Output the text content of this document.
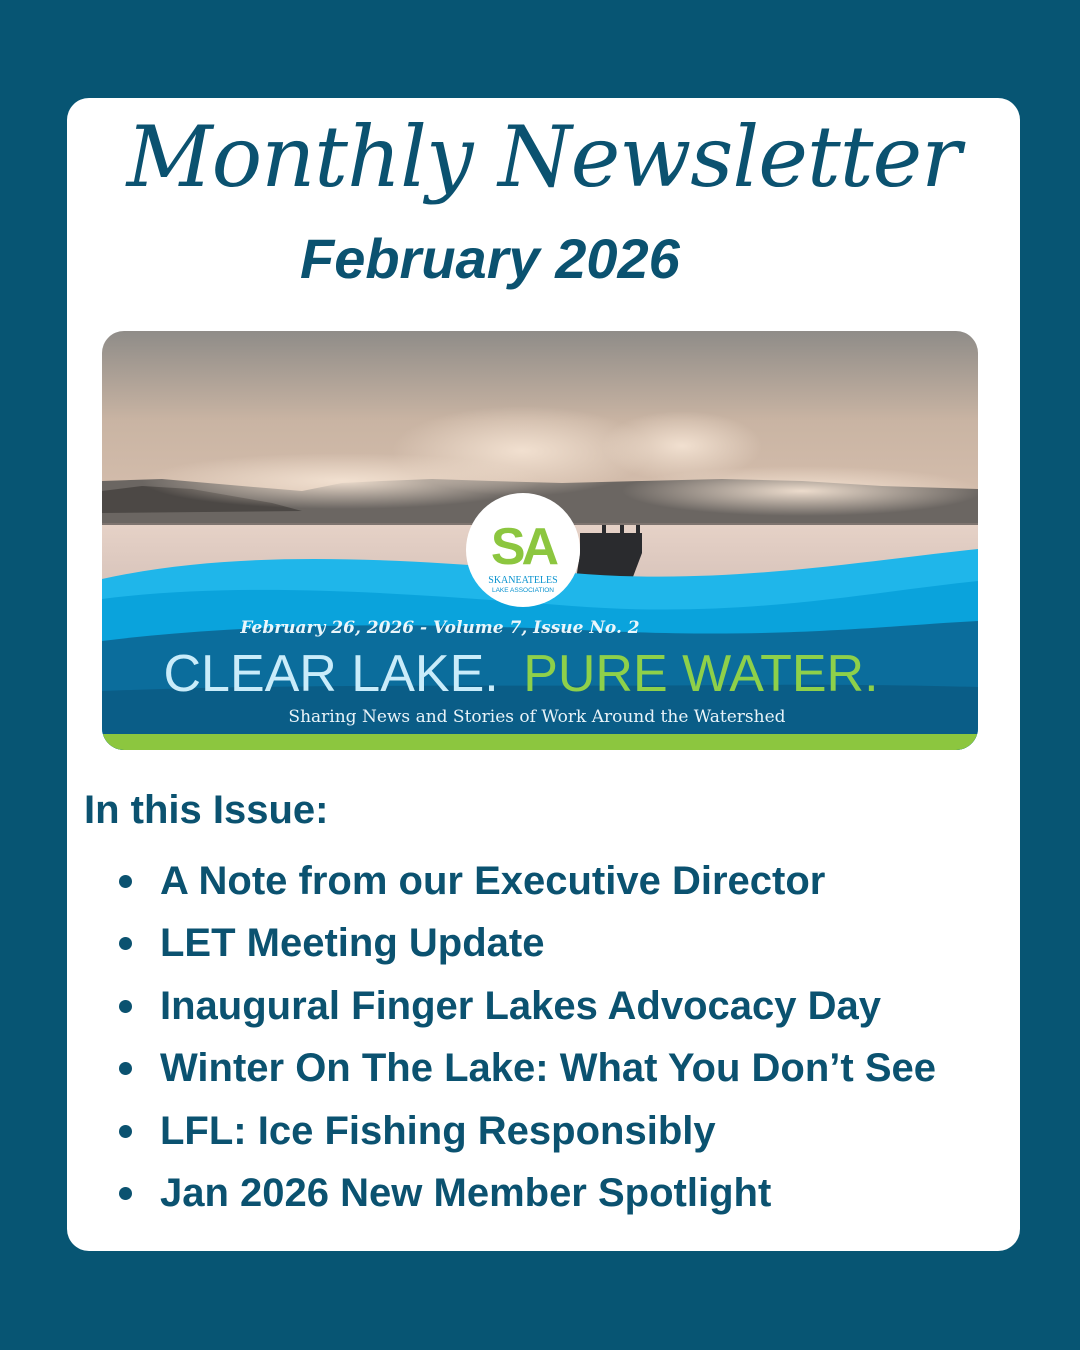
Monthly Newsletter
February 2026
SA
SKANEATELES
LAKE ASSOCIATION
February 26, 2026 - Volume 7, Issue No. 2
CLEAR LAKE. PURE WATER.
Sharing News and Stories of Work Around the Watershed
In this Issue:
A Note from our Executive Director
LET Meeting Update
Inaugural Finger Lakes Advocacy Day
Winter On The Lake: What You Don’t See
LFL: Ice Fishing Responsibly
Jan 2026 New Member Spotlight
